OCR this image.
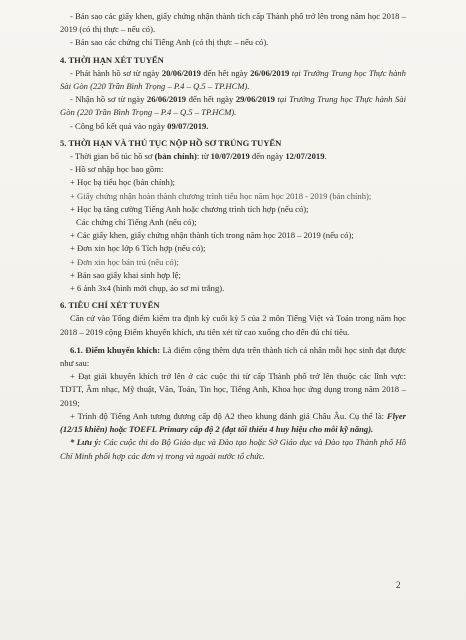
- Bản sao các giấy khen, giấy chứng nhận thành tích cấp Thành phố trở lên trong năm học 2018 – 2019 (có thị thực – nếu có).

- Bản sao các chứng chỉ Tiếng Anh (có thị thực – nếu có).

4. THỜI HẠN XÉT TUYỂN

- Phát hành hồ sơ từ ngày 20/06/2019 đến hết ngày 26/06/2019 tại Trường Trung học Thực hành Sài Gòn (220 Trần Bình Trọng – P.4 – Q.5 – TP.HCM).

- Nhận hồ sơ từ ngày 26/06/2019 đến hết ngày 29/06/2019 tại Trường Trung học Thực hành Sài Gòn (220 Trần Bình Trọng – P.4 – Q.5 – TP.HCM).

- Công bố kết quả vào ngày 09/07/2019.

5. THỜI HẠN VÀ THỦ TỤC NỘP HỒ SƠ TRÚNG TUYỂN

- Thời gian bổ túc hồ sơ (bản chính): từ 10/07/2019 đến ngày 12/07/2019.

- Hồ sơ nhập học bao gồm:

+ Học bạ tiểu học (bản chính);

+ Giấy chứng nhận hoàn thành chương trình tiểu học năm học 2018 - 2019 (bản chính);

+ Học bạ tăng cường Tiếng Anh hoặc chương trình tích hợp (nếu có);

Các chứng chỉ Tiếng Anh (nếu có);

+ Các giấy khen, giấy chứng nhận thành tích trong năm học 2018 – 2019 (nếu có);

+ Đơn xin học lớp 6 Tích hợp (nếu có);

+ Đơn xin học bán trú (nếu có);

+ Bản sao giấy khai sinh hợp lệ;

+ 6 ảnh 3x4 (hình mới chụp, áo sơ mi trắng).

6. TIÊU CHÍ XÉT TUYỂN

Căn cứ vào Tổng điểm kiểm tra định kỳ cuối kỳ 5 của 2 môn Tiếng Việt và Toán trong năm học 2018 – 2019 cộng Điểm khuyến khích, ưu tiên xét từ cao xuống cho đến đủ chỉ tiêu.

6.1. Điểm khuyến khích: Là điểm cộng thêm dựa trên thành tích cá nhân mỗi học sinh đạt được như sau:

+ Đạt giải khuyến khích trở lên ở các cuộc thi từ cấp Thành phố trở lên thuộc các lĩnh vực: TDTT, Âm nhạc, Mỹ thuật, Văn, Toán, Tin học, Tiếng Anh, Khoa học ứng dụng trong năm 2018 – 2019;

+ Trình độ Tiếng Anh tương đương cấp độ A2 theo khung đánh giá Châu Âu. Cụ thể là: Flyer (12/15 khiên) hoặc TOEFL Primary cấp độ 2 (đạt tối thiểu 4 huy hiệu cho mỗi kỹ năng).

* Lưu ý: Các cuộc thi do Bộ Giáo dục và Đào tạo hoặc Sở Giáo dục và Đào tạo Thành phố Hồ Chí Minh phối hợp các đơn vị trong và ngoài nước tổ chức.

2
